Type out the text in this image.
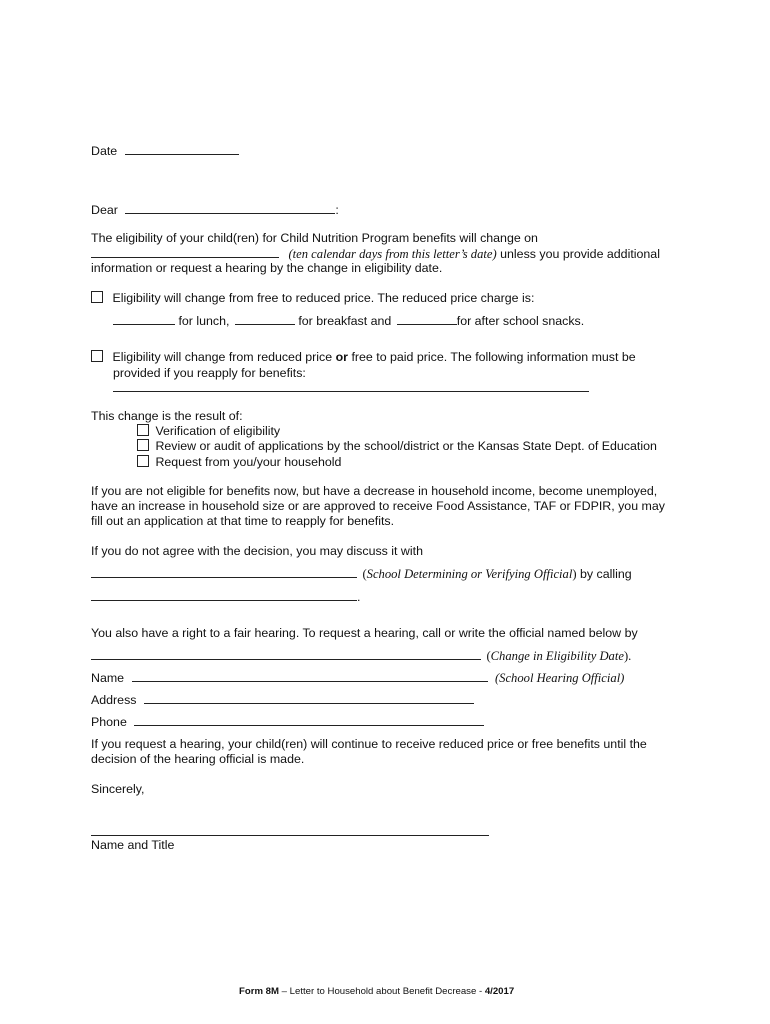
Date
Dear	:
The eligibility of your child(ren) for Child Nutrition Program benefits will change on
(ten calendar days from this letter’s date) unless you provide additional
information or request a hearing by the change in eligibility date.
Eligibility will change from free to reduced price. The reduced price charge is:
for lunch,	for breakfast and	for after school snacks.
Eligibility will change from reduced price or free to paid price. The following information must be
provided if you reapply for benefits:
This change is the result of:
Verification of eligibility
Review or audit of applications by the school/district or the Kansas State Dept. of Education
Request from you/your household
If you are not eligible for benefits now, but have a decrease in household income, become unemployed,
have an increase in household size or are approved to receive Food Assistance, TAF or FDPIR, you may
fill out an application at that time to reapply for benefits.
If you do not agree with the decision, you may discuss it with
(School Determining or Verifying Official) by calling
.
You also have a right to a fair hearing. To request a hearing, call or write the official named below by
(Change in Eligibility Date).
Name	(School Hearing Official)
Address
Phone
If you request a hearing, your child(ren) will continue to receive reduced price or free benefits until the
decision of the hearing official is made.
Sincerely,
Name and Title
Form 8M – Letter to Household about Benefit Decrease - 4/2017
